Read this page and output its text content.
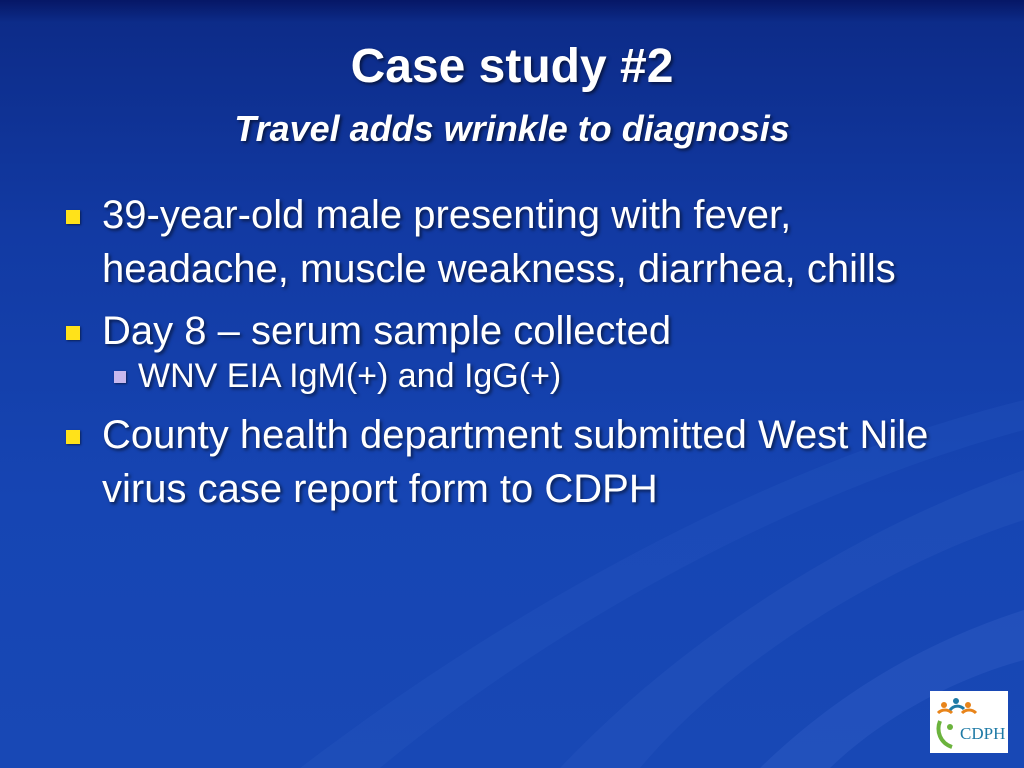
Case study #2
Travel adds wrinkle to diagnosis
39-year-old male presenting with fever, headache, muscle weakness, diarrhea, chills
Day 8 – serum sample collected
WNV EIA IgM(+) and IgG(+)
County health department submitted West Nile virus case report form to CDPH
CDPH
